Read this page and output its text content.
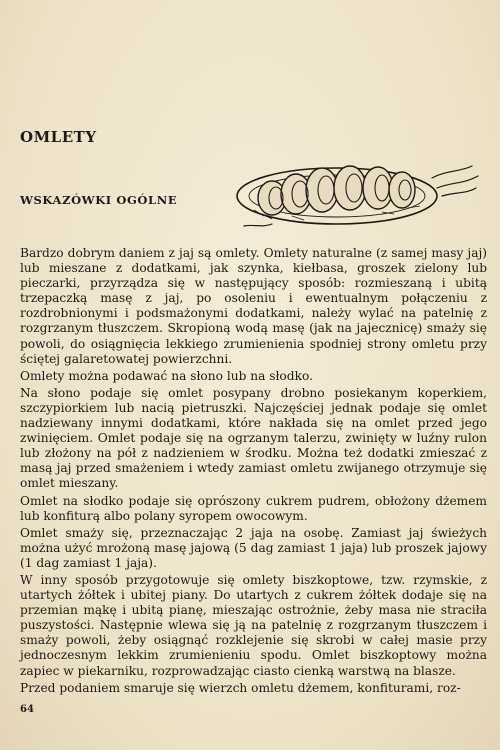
OMLETY
WSKAZÓWKI OGÓLNE

Bardzo dobrym daniem z jaj są omlety. Omlety naturalne (z samej masy jaj) lub mieszane z dodatkami, jak szynka, kiełbasa, groszek zielony lub pieczarki, przyrządza się w następujący sposób: rozmieszaną i ubitą trzepaczką masę z jaj, po osoleniu i ewentualnym połączeniu z rozdrobnionymi i podsmażonymi dodatkami, należy wylać na patelnię z rozgrzanym tłuszczem. Skropioną wodą masę (jak na jajecznicę) smaży się powoli, do osiągnięcia lekkiego zrumienienia spodniej strony omletu przy ściętej galaretowatej powierzchni.

Omlety można podawać na słono lub na słodko.

Na słono podaje się omlet posypany drobno posiekanym koperkiem, szczypiorkiem lub nacią pietruszki. Najczęściej jednak podaje się omlet nadziewany innymi dodatkami, które nakłada się na omlet przed jego zwinięciem. Omlet podaje się na ogrzanym talerzu, zwinięty w luźny rulon lub złożony na pół z nadzieniem w środku. Można też dodatki zmieszać z masą jaj przed smażeniem i wtedy zamiast omletu zwijanego otrzymuje się omlet mieszany.

Omlet na słodko podaje się oprószony cukrem pudrem, obłożony dżemem lub konfiturą albo polany syropem owocowym.

Omlet smaży się, przeznaczając 2 jaja na osobę. Zamiast jaj świeżych można użyć mrożoną masę jajową (5 dag zamiast 1 jaja) lub proszek jajowy (1 dag zamiast 1 jaja).

W inny sposób przygotowuje się omlety biszkoptowe, tzw. rzymskie, z utartych żółtek i ubitej piany. Do utartych z cukrem żółtek dodaje się na przemian mąkę i ubitą pianę, mieszając ostrożnie, żeby masa nie straciła puszystości. Następnie wlewa się ją na patelnię z rozgrzanym tłuszczem i smaży powoli, żeby osiągnąć rozklejenie się skrobi w całej masie przy jednoczesnym lekkim zrumienieniu spodu. Omlet biszkoptowy można zapiec w piekarniku, rozprowadzając ciasto cienką warstwą na blasze.

Przed podaniem smaruje się wierzch omletu dżemem, konfiturami, roz-

64
